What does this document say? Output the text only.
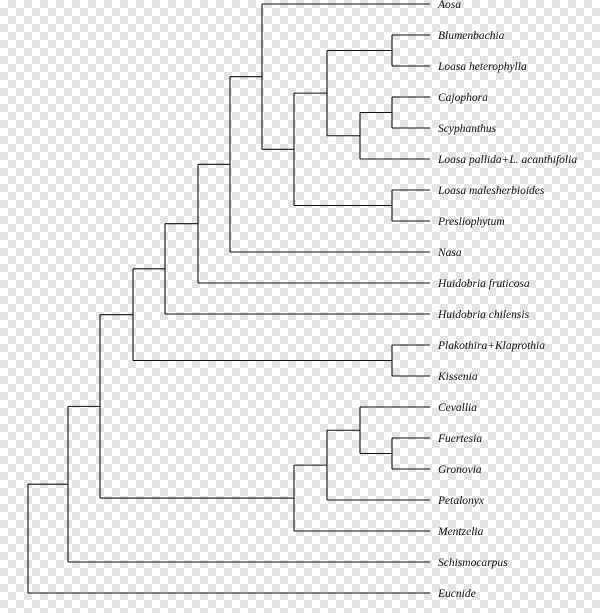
Aosa
Blumenbachia
Loasa heterophylla
Cajophora
Scyphanthus
Loasa pallida+L. acanthifolia
Loasa malesherbioides
Presliophytum
Nasa
Huidobria fruticosa
Huidobria chilensis
Plakothira+Klaprothia
Kissenia
Cevallia
Fuertesia
Gronovia
Petalonyx
Mentzelia
Schismocarpus
Eucnide
